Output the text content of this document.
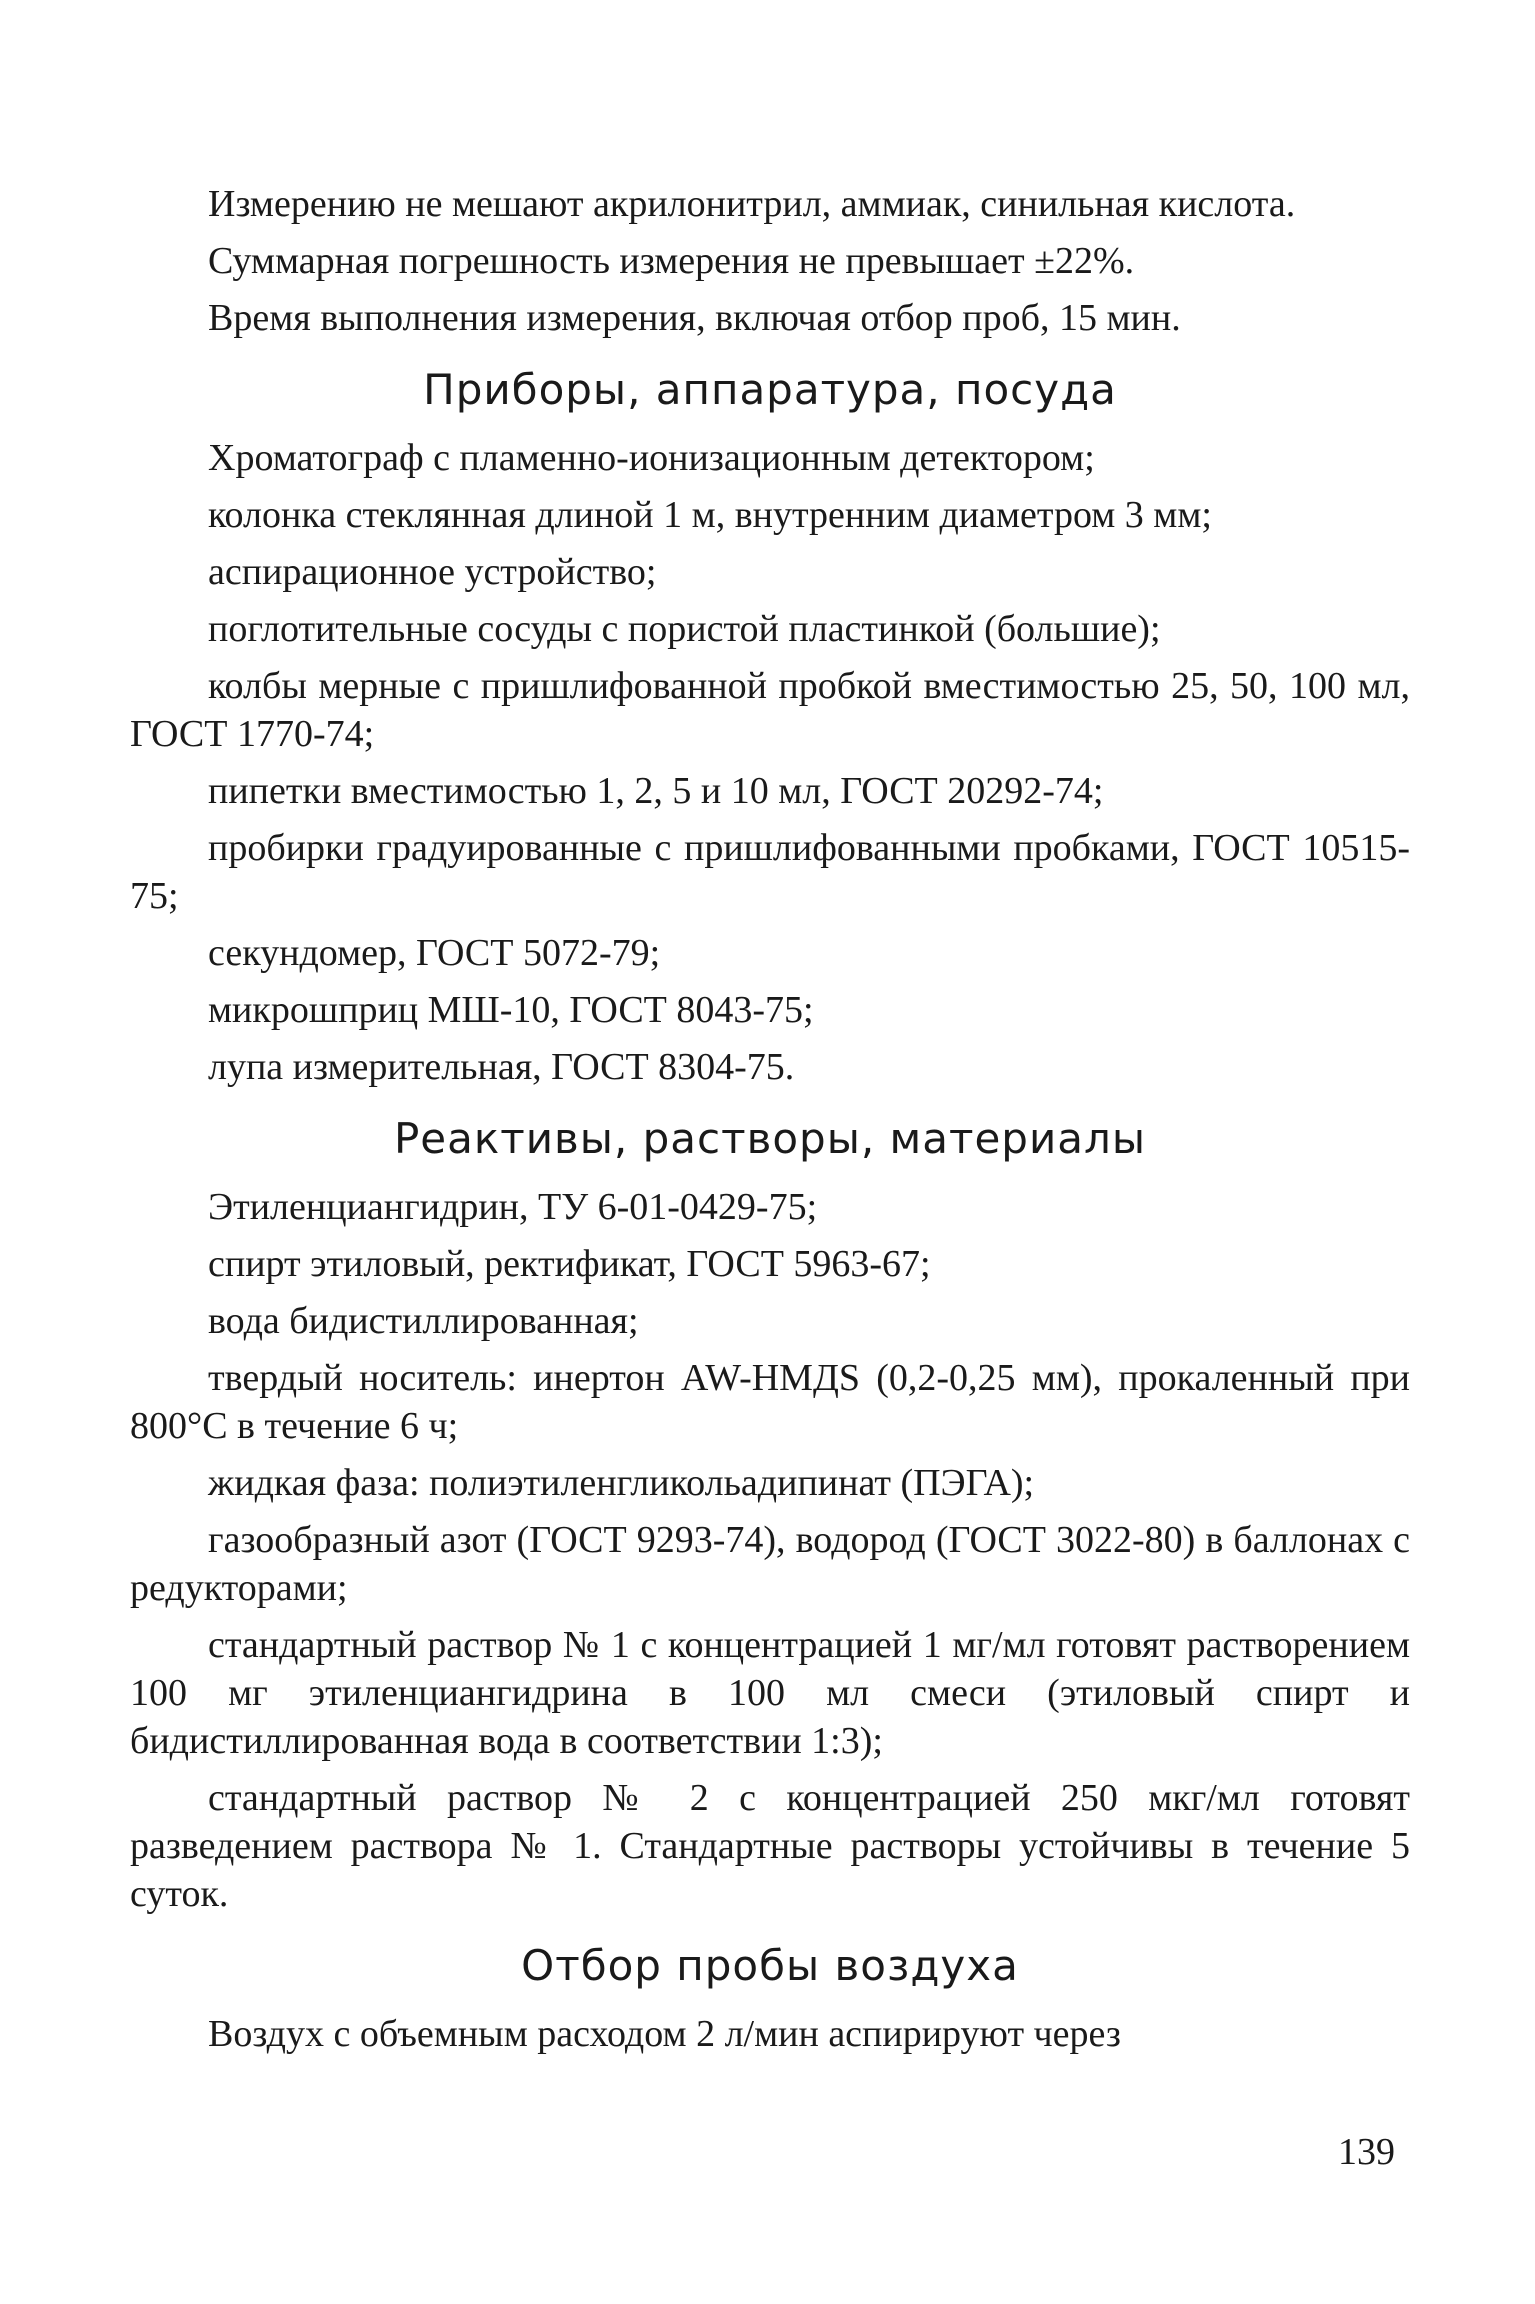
Измерению не мешают акрилонитрил, аммиак, синильная кислота.

Суммарная погрешность измерения не превышает ±22%.

Время выполнения измерения, включая отбор проб, 15 мин.

Приборы, аппаратура, посуда

Хроматограф с пламенно-ионизационным детектором;

колонка стеклянная длиной 1 м, внутренним диаметром 3 мм;

аспирационное устройство;

поглотительные сосуды с пористой пластинкой (большие);

колбы мерные с пришлифованной пробкой вместимостью 25, 50, 100 мл, ГОСТ 1770-74;

пипетки вместимостью 1, 2, 5 и 10 мл, ГОСТ 20292-74;

пробирки градуированные с пришлифованными пробками, ГОСТ 10515-75;

секундомер, ГОСТ 5072-79;

микрошприц МШ-10, ГОСТ 8043-75;

лупа измерительная, ГОСТ 8304-75.

Реактивы, растворы, материалы

Этиленциангидрин, ТУ 6-01-0429-75;

спирт этиловый, ректификат, ГОСТ 5963-67;

вода бидистиллированная;

твердый носитель: инертон AW-HMДS (0,2-0,25 мм), прокаленный при 800°С в течение 6 ч;

жидкая фаза: полиэтиленгликольадипинат (ПЭГА);

газообразный азот (ГОСТ 9293-74), водород (ГОСТ 3022-80) в баллонах с редукторами;

стандартный раствор № 1 с концентрацией 1 мг/мл готовят растворением 100 мг этиленциангидрина в 100 мл смеси (этиловый спирт и бидистиллированная вода в соответствии 1:3);

стандартный раствор № 2 с концентрацией 250 мкг/мл готовят разведением раствора № 1. Стандартные растворы устойчивы в течение 5 суток.

Отбор пробы воздуха

Воздух с объемным расходом 2 л/мин аспирируют через

139
